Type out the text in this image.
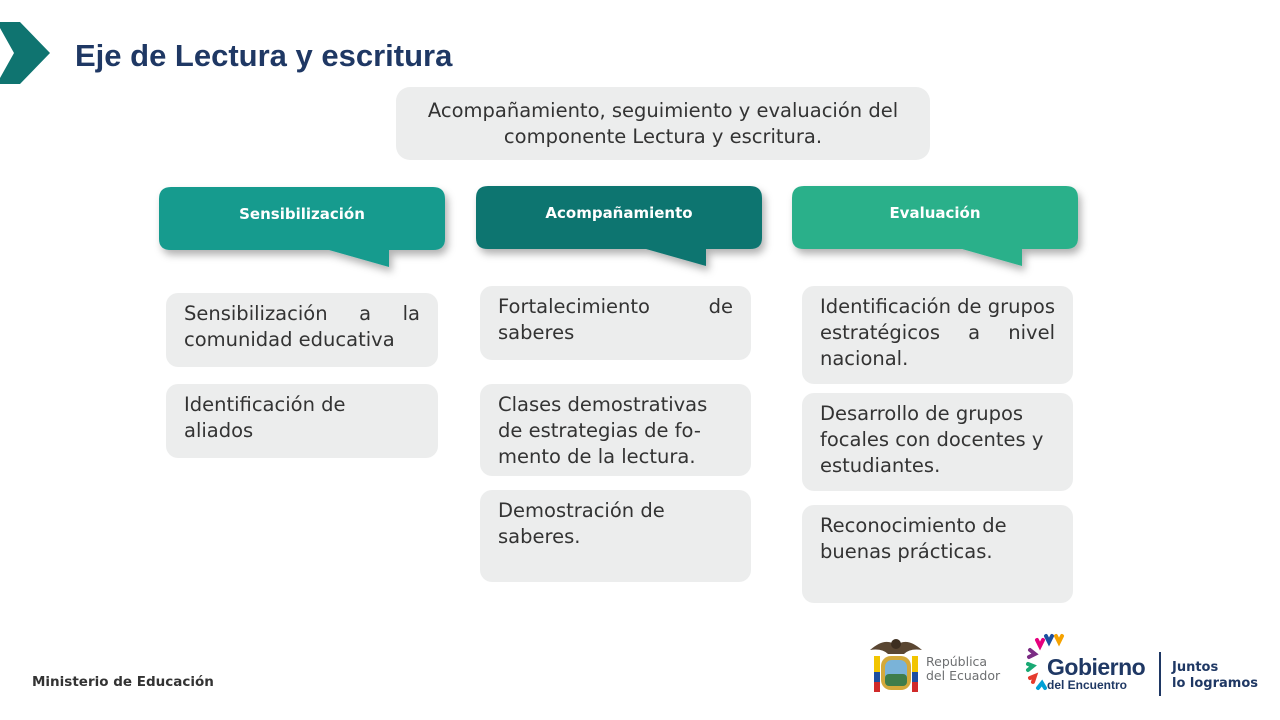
Eje de Lectura y escritura
Acompañamiento, seguimiento y evaluación del componente Lectura y escritura.
Sensibilización
Sensibilización a la comunidad educativa
Identificación de aliados
Acompañamiento
Fortalecimiento de saberes
Clases demostrativas de estrategias de fo-mento de la lectura.
Demostración de saberes.
Evaluación
Identificación de grupos estratégicos a nivel nacional.
Desarrollo de grupos focales con docentes y estudiantes.
Reconocimiento de buenas prácticas.
Ministerio de Educación
República
del Ecuador Gobierno
del Encuentro
Juntos
lo logramos
